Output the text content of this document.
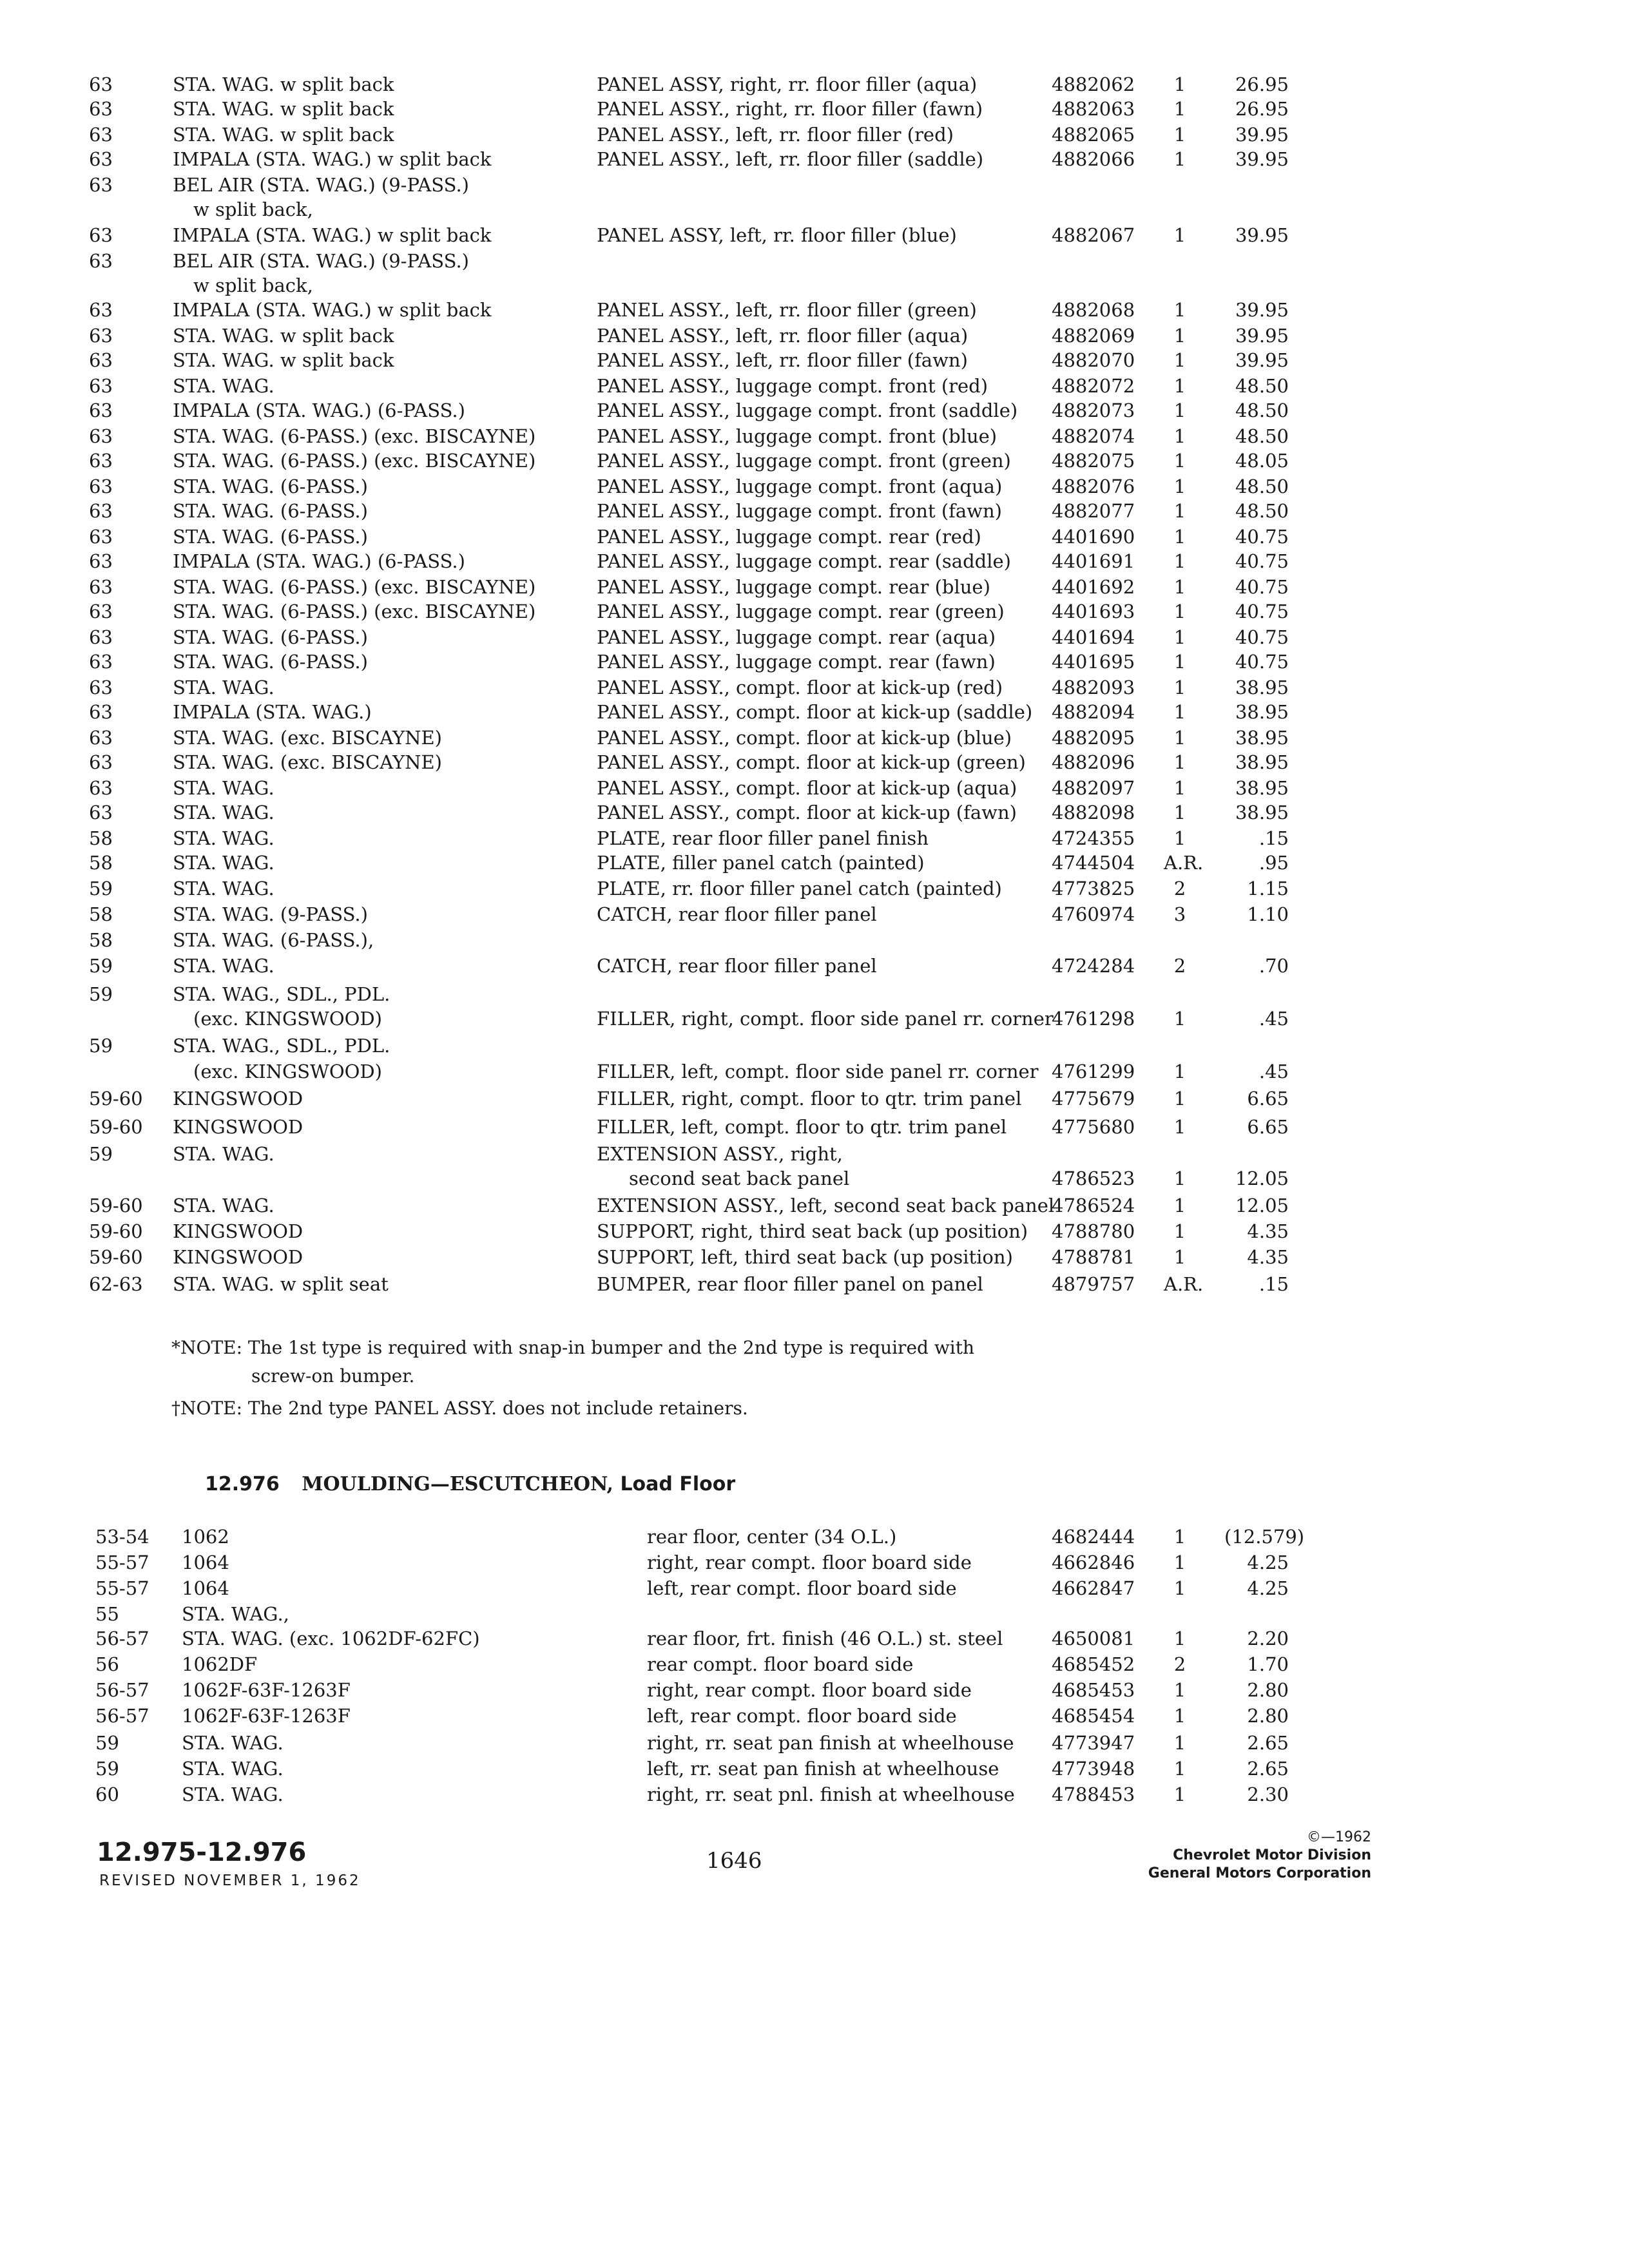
63	STA. WAG. w split back	PANEL ASSY, right, rr. floor filler (aqua)	4882062	1	26.95
63	STA. WAG. w split back	PANEL ASSY., right, rr. floor filler (fawn)	4882063	1	26.95
63	STA. WAG. w split back	PANEL ASSY., left, rr. floor filler (red)	4882065	1	39.95
63	IMPALA (STA. WAG.) w split back	PANEL ASSY., left, rr. floor filler (saddle)	4882066	1	39.95
63	BEL AIR (STA. WAG.) (9-PASS.)
w split back,
63	IMPALA (STA. WAG.) w split back	PANEL ASSY, left, rr. floor filler (blue)	4882067	1	39.95
63	BEL AIR (STA. WAG.) (9-PASS.)
w split back,
63	IMPALA (STA. WAG.) w split back	PANEL ASSY., left, rr. floor filler (green)	4882068	1	39.95
63	STA. WAG. w split back	PANEL ASSY., left, rr. floor filler (aqua)	4882069	1	39.95
63	STA. WAG. w split back	PANEL ASSY., left, rr. floor filler (fawn)	4882070	1	39.95
63	STA. WAG.	PANEL ASSY., luggage compt. front (red)	4882072	1	48.50
63	IMPALA (STA. WAG.) (6-PASS.)	PANEL ASSY., luggage compt. front (saddle) 4882073	1	48.50
63	STA. WAG. (6-PASS.) (exc. BISCAYNE)	PANEL ASSY., luggage compt. front (blue)	4882074	1	48.50
63	STA. WAG. (6-PASS.) (exc. BISCAYNE)	PANEL ASSY., luggage compt. front (green) 4882075	1	48.05
63	STA. WAG. (6-PASS.)	PANEL ASSY., luggage compt. front (aqua)	4882076	1	48.50
63	STA. WAG. (6-PASS.)	PANEL ASSY., luggage compt. front (fawn)	4882077	1	48.50
63	STA. WAG. (6-PASS.)	PANEL ASSY., luggage compt. rear (red)	4401690	1	40.75
63	IMPALA (STA. WAG.) (6-PASS.)	PANEL ASSY., luggage compt. rear (saddle) 4401691	1	40.75
63	STA. WAG. (6-PASS.) (exc. BISCAYNE)	PANEL ASSY., luggage compt. rear (blue)	4401692	1	40.75
63	STA. WAG. (6-PASS.) (exc. BISCAYNE)	PANEL ASSY., luggage compt. rear (green)	4401693	1	40.75
63	STA. WAG. (6-PASS.)	PANEL ASSY., luggage compt. rear (aqua)	4401694	1	40.75
63	STA. WAG. (6-PASS.)	PANEL ASSY., luggage compt. rear (fawn)	4401695	1	40.75
63	STA. WAG.	PANEL ASSY., compt. floor at kick-up (red)	4882093	1	38.95
63	IMPALA (STA. WAG.)	PANEL ASSY., compt. floor at kick-up (saddle) 4882094	1	38.95
63	STA. WAG. (exc. BISCAYNE)	PANEL ASSY., compt. floor at kick-up (blue) 4882095	1	38.95
63	STA. WAG. (exc. BISCAYNE)	PANEL ASSY., compt. floor at kick-up (green) 4882096	1	38.95
63	STA. WAG.	PANEL ASSY., compt. floor at kick-up (aqua) 4882097	1	38.95
63	STA. WAG.	PANEL ASSY., compt. floor at kick-up (fawn) 4882098	1	38.95
58	STA. WAG.	PLATE, rear floor filler panel finish	4724355	1	.15
58	STA. WAG.	PLATE, filler panel catch (painted)	4744504 A.R.	.95
59	STA. WAG.	PLATE, rr. floor filler panel catch (painted)	4773825	2	1.15
58	STA. WAG. (9-PASS.)	CATCH, rear floor filler panel	4760974	3	1.10
58	STA. WAG. (6-PASS.),
59	STA. WAG.	CATCH, rear floor filler panel	4724284	2	.70
59	STA. WAG., SDL., PDL.
(exc. KINGSWOOD)	FILLER, right, compt. floor side panel rr. corner
4761298	1	.45
59	STA. WAG., SDL., PDL.
(exc. KINGSWOOD)	FILLER, left, compt. floor side panel rr. corner 4761299	1	.45
59-60 KINGSWOOD	FILLER, right, compt. floor to qtr. trim panel 4775679	1	6.65
59-60 KINGSWOOD	FILLER, left, compt. floor to qtr. trim panel 4775680	1	6.65
59	STA. WAG.	EXTENSION ASSY., right,
second seat back panel	4786523	1	12.05
59-60 STA. WAG.	EXTENSION ASSY., left, second seat back panel
4786524	1	12.05
59-60 KINGSWOOD	SUPPORT, right, third seat back (up position) 4788780	1	4.35
59-60 KINGSWOOD	SUPPORT, left, third seat back (up position) 4788781	1	4.35
62-63 STA. WAG. w split seat	BUMPER, rear floor filler panel on panel	4879757 A.R.	.15
*NOTE: The 1st type is required with snap-in bumper and the 2nd type is required with
screw-on bumper.
†NOTE: The 2nd type PANEL ASSY. does not include retainers.
12.976 MOULDING—ESCUTCHEON, Load Floor
53-54 1062	rear floor, center (34 O.L.)	4682444	1	(12.579)
55-57 1064	right, rear compt. floor board side	4662846	1	4.25
55-57 1064	left, rear compt. floor board side	4662847	1	4.25
55	STA. WAG.,
56-57 STA. WAG. (exc. 1062DF-62FC)	rear floor, frt. finish (46 O.L.) st. steel	4650081	1	2.20
56	1062DF	rear compt. floor board side	4685452	2	1.70
56-57 1062F-63F-1263F	right, rear compt. floor board side	4685453	1	2.80
56-57 1062F-63F-1263F	left, rear compt. floor board side	4685454	1	2.80
59	STA. WAG.	right, rr. seat pan finish at wheelhouse 4773947	1	2.65
59	STA. WAG.	left, rr. seat pan finish at wheelhouse	4773948	1	2.65
60	STA. WAG.	right, rr. seat pnl. finish at wheelhouse 4788453	1	2.30
12.975-12.976
REVISED NOVEMBER 1, 1962
1646
©—1962
Chevrolet Motor Division
General Motors Corporation
